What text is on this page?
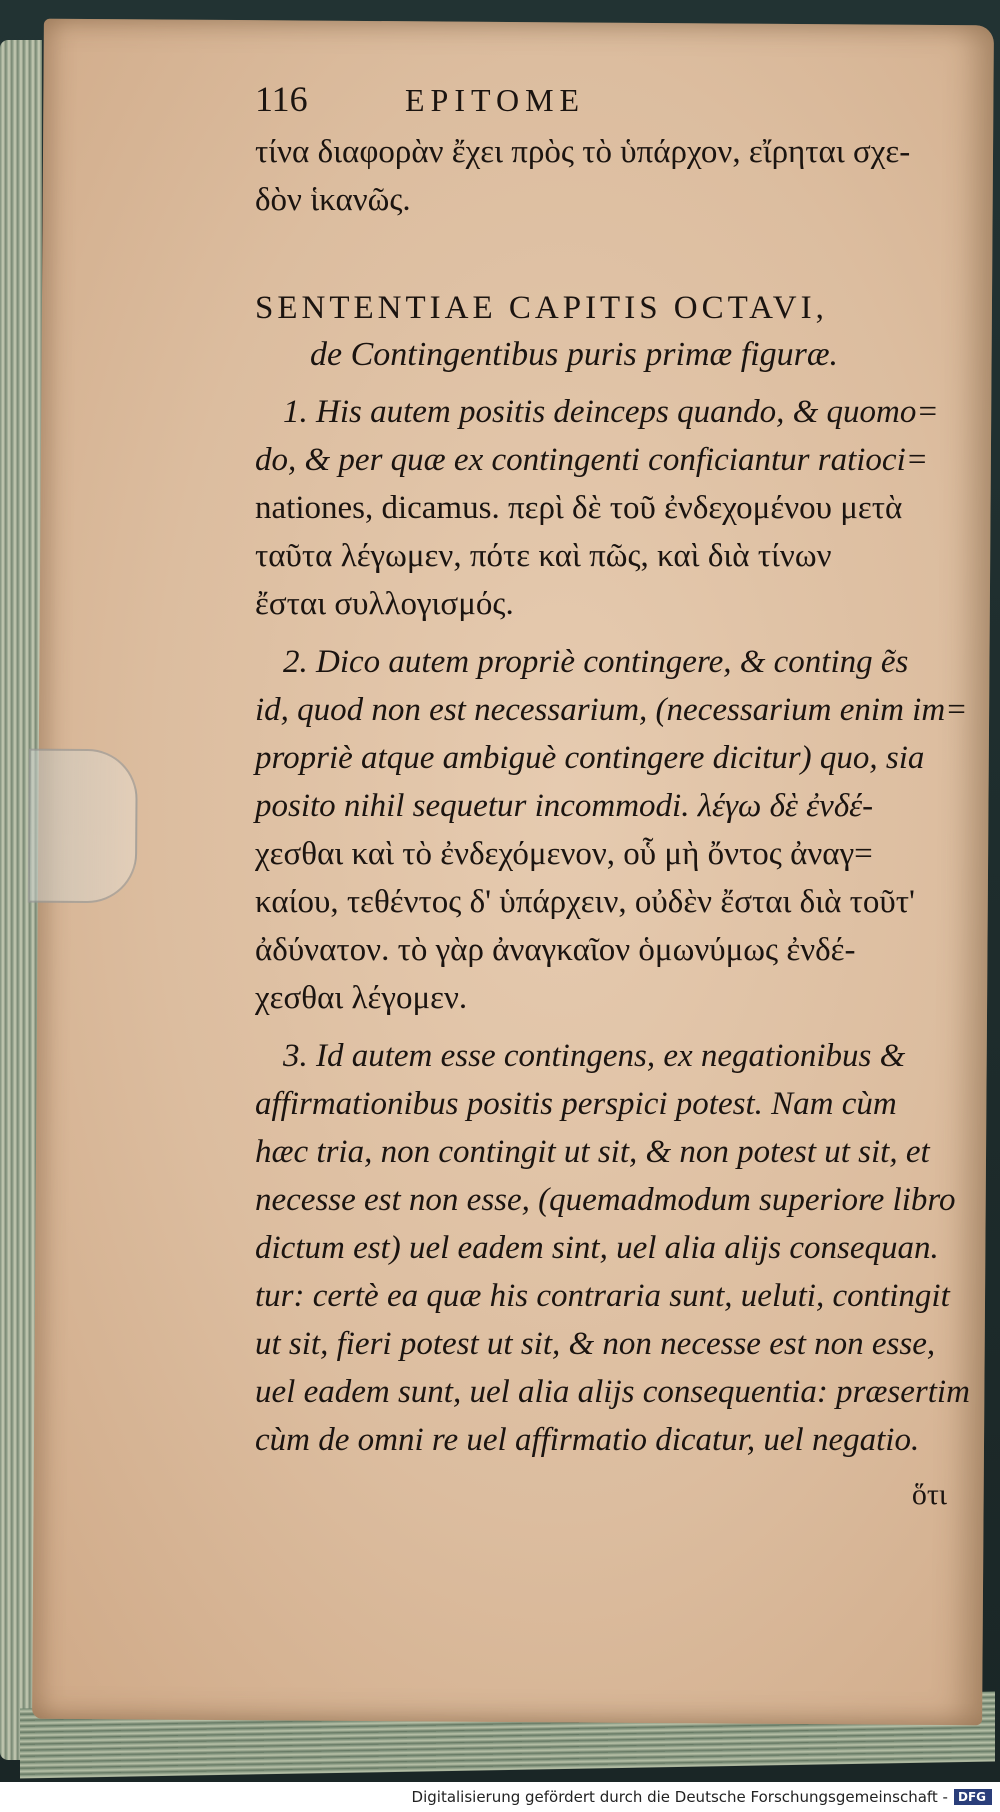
116	EPITOME
τίνα διαφορὰν ἔχει πρὸς τὸ ὑπάρχον, εἴρηται σχε-
δὸν ἱκανῶς.
SENTENTIAE CAPITIS OCTAVI,
de Contingentibus puris primæ figuræ.
1. His autem positis deinceps quando, & quomo=
do, & per quæ ex contingenti conficiantur ratioci=
nationes, dicamus. περὶ δὲ τοῦ ἐνδεχομένου μετὰ
ταῦτα λέγωμεν, πότε καὶ πῶς, καὶ διὰ τίνων
ἔσται συλλογισμός.
2. Dico autem propriè contingere, & conting ẽs
id, quod non est necessarium, (necessarium enim im=
propriè atque ambiguè contingere dicitur) quo, sia
posito nihil sequetur incommodi. λέγω δὲ ἐνδέ-
χεσθαι καὶ τὸ ἐνδεχόμενον, οὗ μὴ ὄντος ἀναγ=
καίου, τεθέντος δ' ὑπάρχειν, οὐδὲν ἔσται διὰ τοῦτ'
ἀδύνατον. τὸ γὰρ ἀναγκαῖον ὁμωνύμως ἐνδέ-
χεσθαι λέγομεν.
3. Id autem esse contingens, ex negationibus &
affirmationibus positis perspici potest. Nam cùm
hæc tria, non contingit ut sit, & non potest ut sit, et
necesse est non esse, (quemadmodum superiore libro
dictum est) uel eadem sint, uel alia alijs consequan.
tur: certè ea quæ his contraria sunt, ueluti, contingit
ut sit, fieri potest ut sit, & non necesse est non esse,
uel eadem sunt, uel alia alijs consequentia: præsertim
cùm de omni re uel affirmatio dicatur, uel negatio.
ὅτι
Digitalisierung gefördert durch die Deutsche Forschungsgemeinschaft - DFG
